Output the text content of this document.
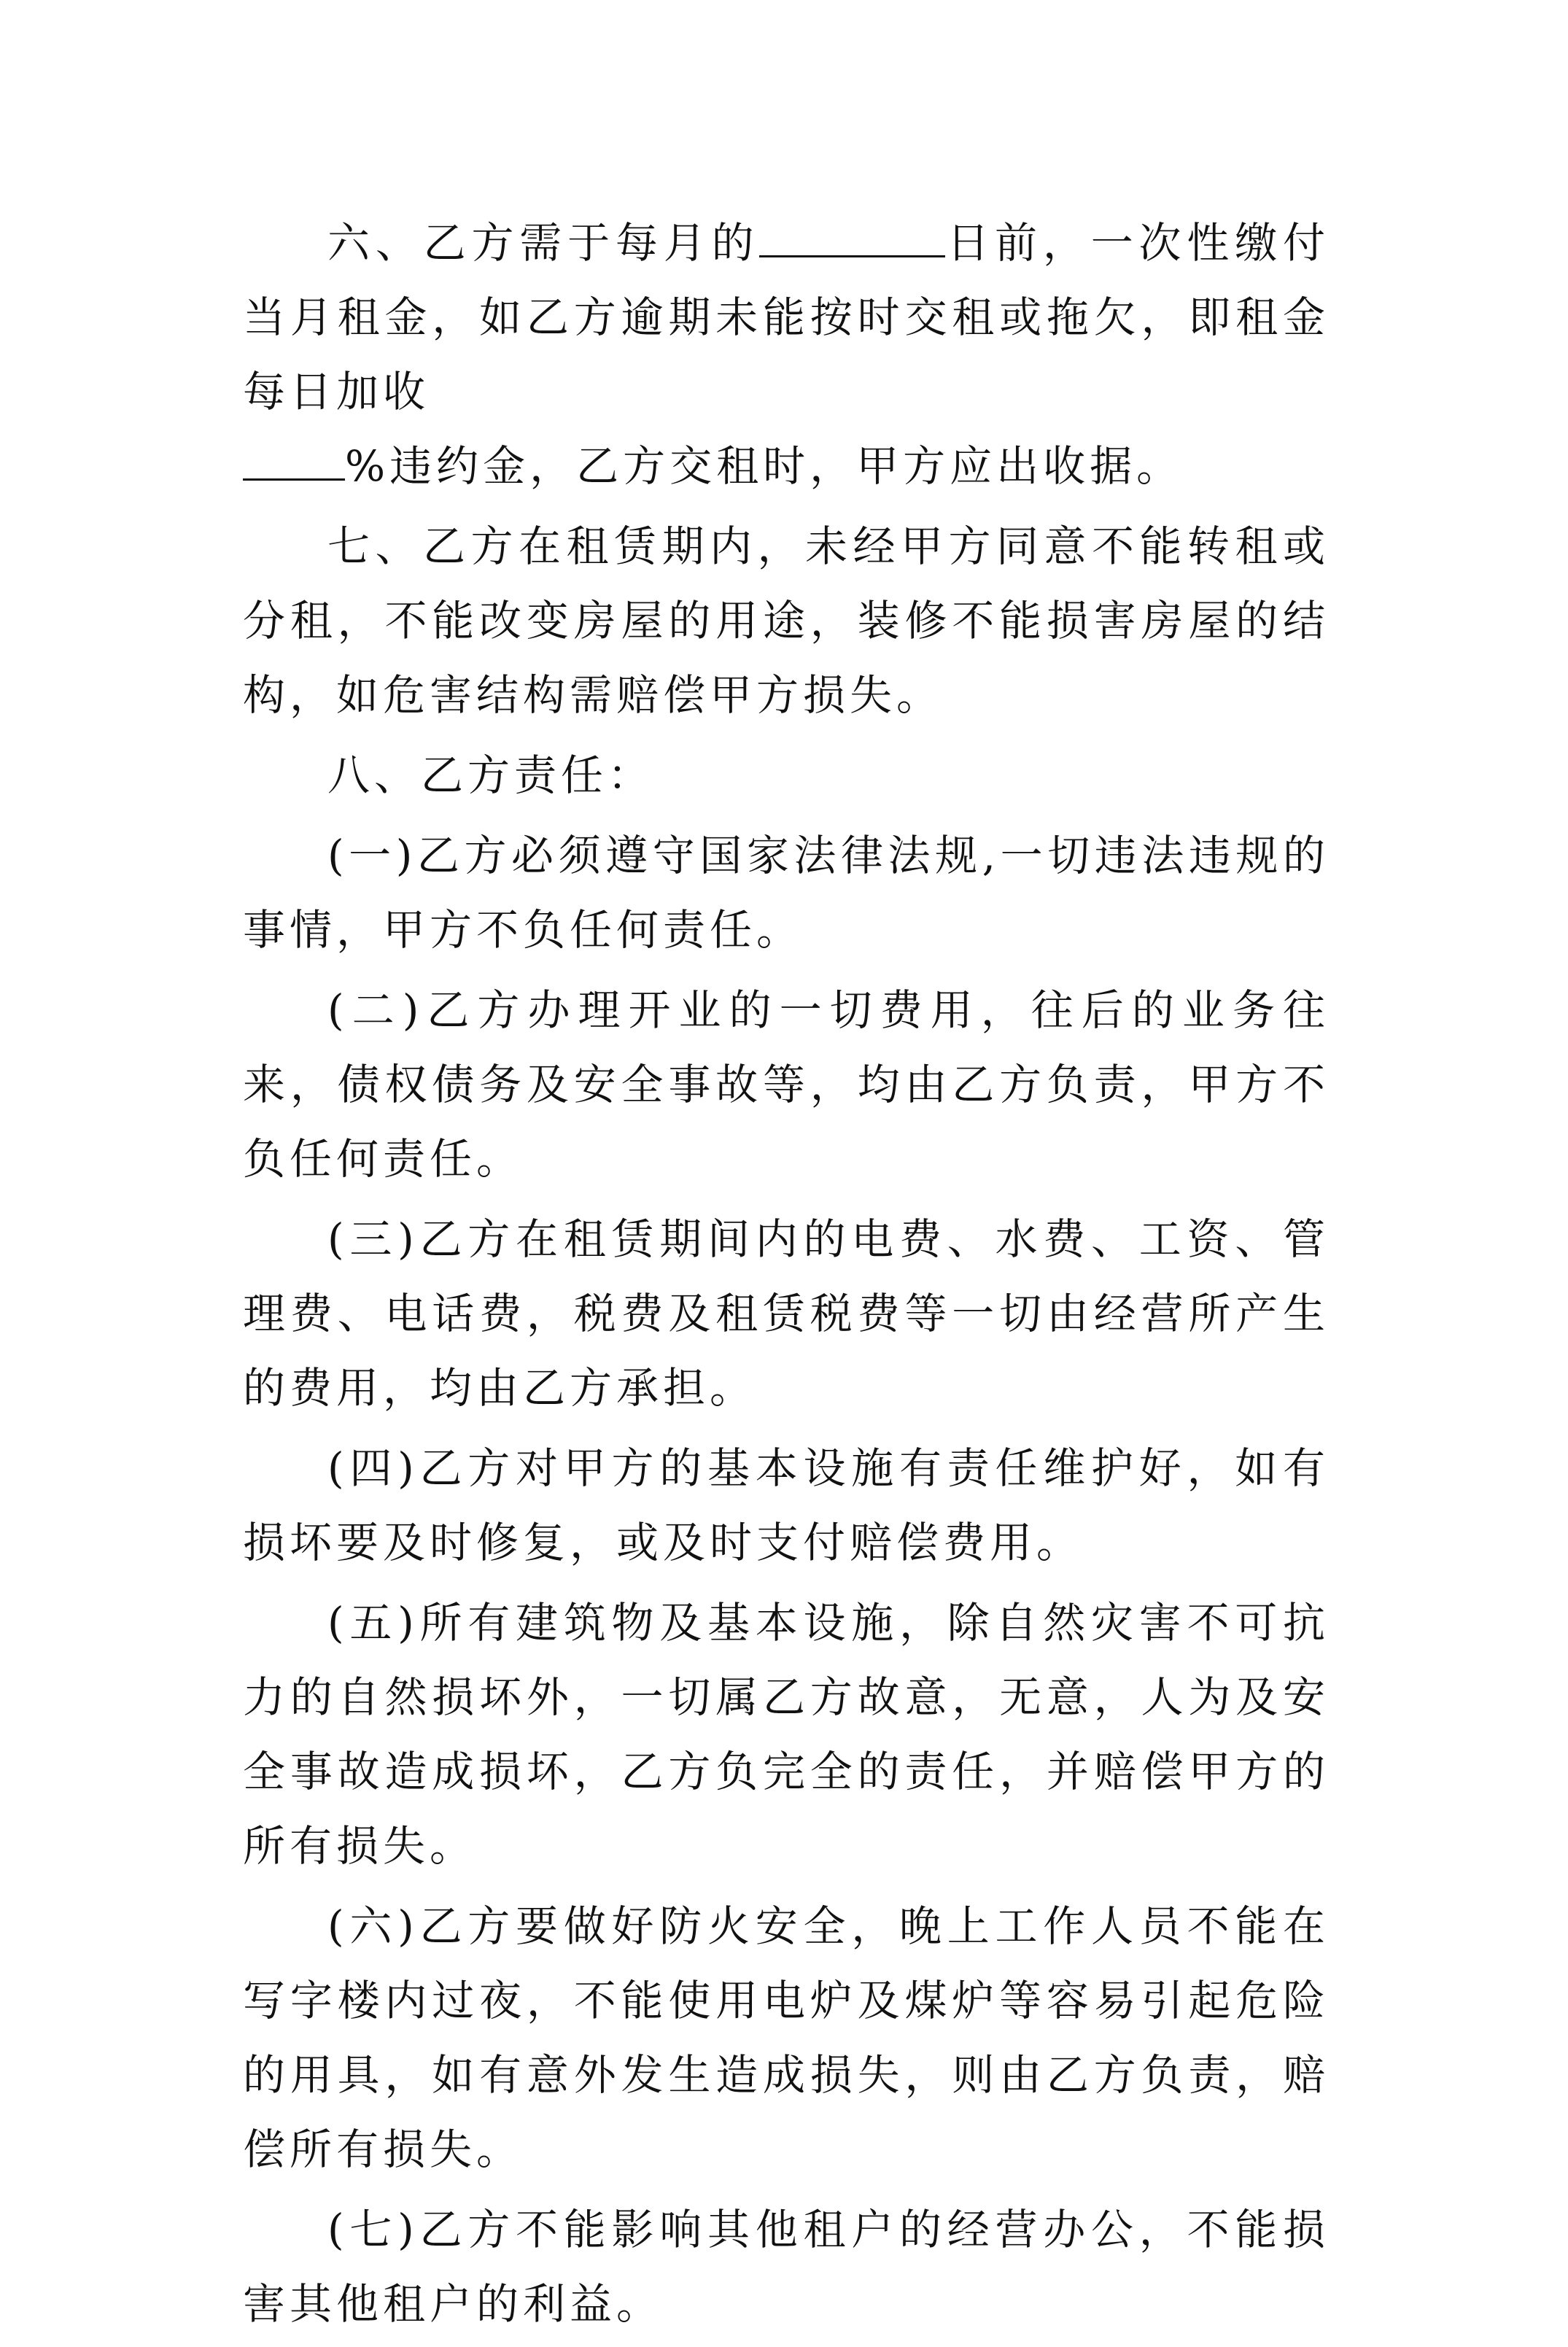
六、乙方需于每月的	日前，一次性缴付当月租金，如乙方逾期未能按时交租或拖欠，即租金每日加收
%违约金，乙方交租时，甲方应出收据。

七、乙方在租赁期内，未经甲方同意不能转租或分租，不能改变房屋的用途，装修不能损害房屋的结构，如危害结构需赔偿甲方损失。

八、乙方责任：

(一)乙方必须遵守国家法律法规,一切违法违规的事情，甲方不负任何责任。

(二)乙方办理开业的一切费用，往后的业务往来，债权债务及安全事故等，均由乙方负责，甲方不负任何责任。

(三)乙方在租赁期间内的电费、水费、工资、管理费、电话费，税费及租赁税费等一切由经营所产生的费用，均由乙方承担。

(四)乙方对甲方的基本设施有责任维护好，如有损坏要及时修复，或及时支付赔偿费用。

(五)所有建筑物及基本设施，除自然灾害不可抗力的自然损坏外，一切属乙方故意，无意，人为及安全事故造成损坏，乙方负完全的责任，并赔偿甲方的所有损失。

(六)乙方要做好防火安全，晚上工作人员不能在写字楼内过夜，不能使用电炉及煤炉等容易引起危险的用具，如有意外发生造成损失，则由乙方负责，赔偿所有损失。

(七)乙方不能影响其他租户的经营办公，不能损害其他租户的利益。
